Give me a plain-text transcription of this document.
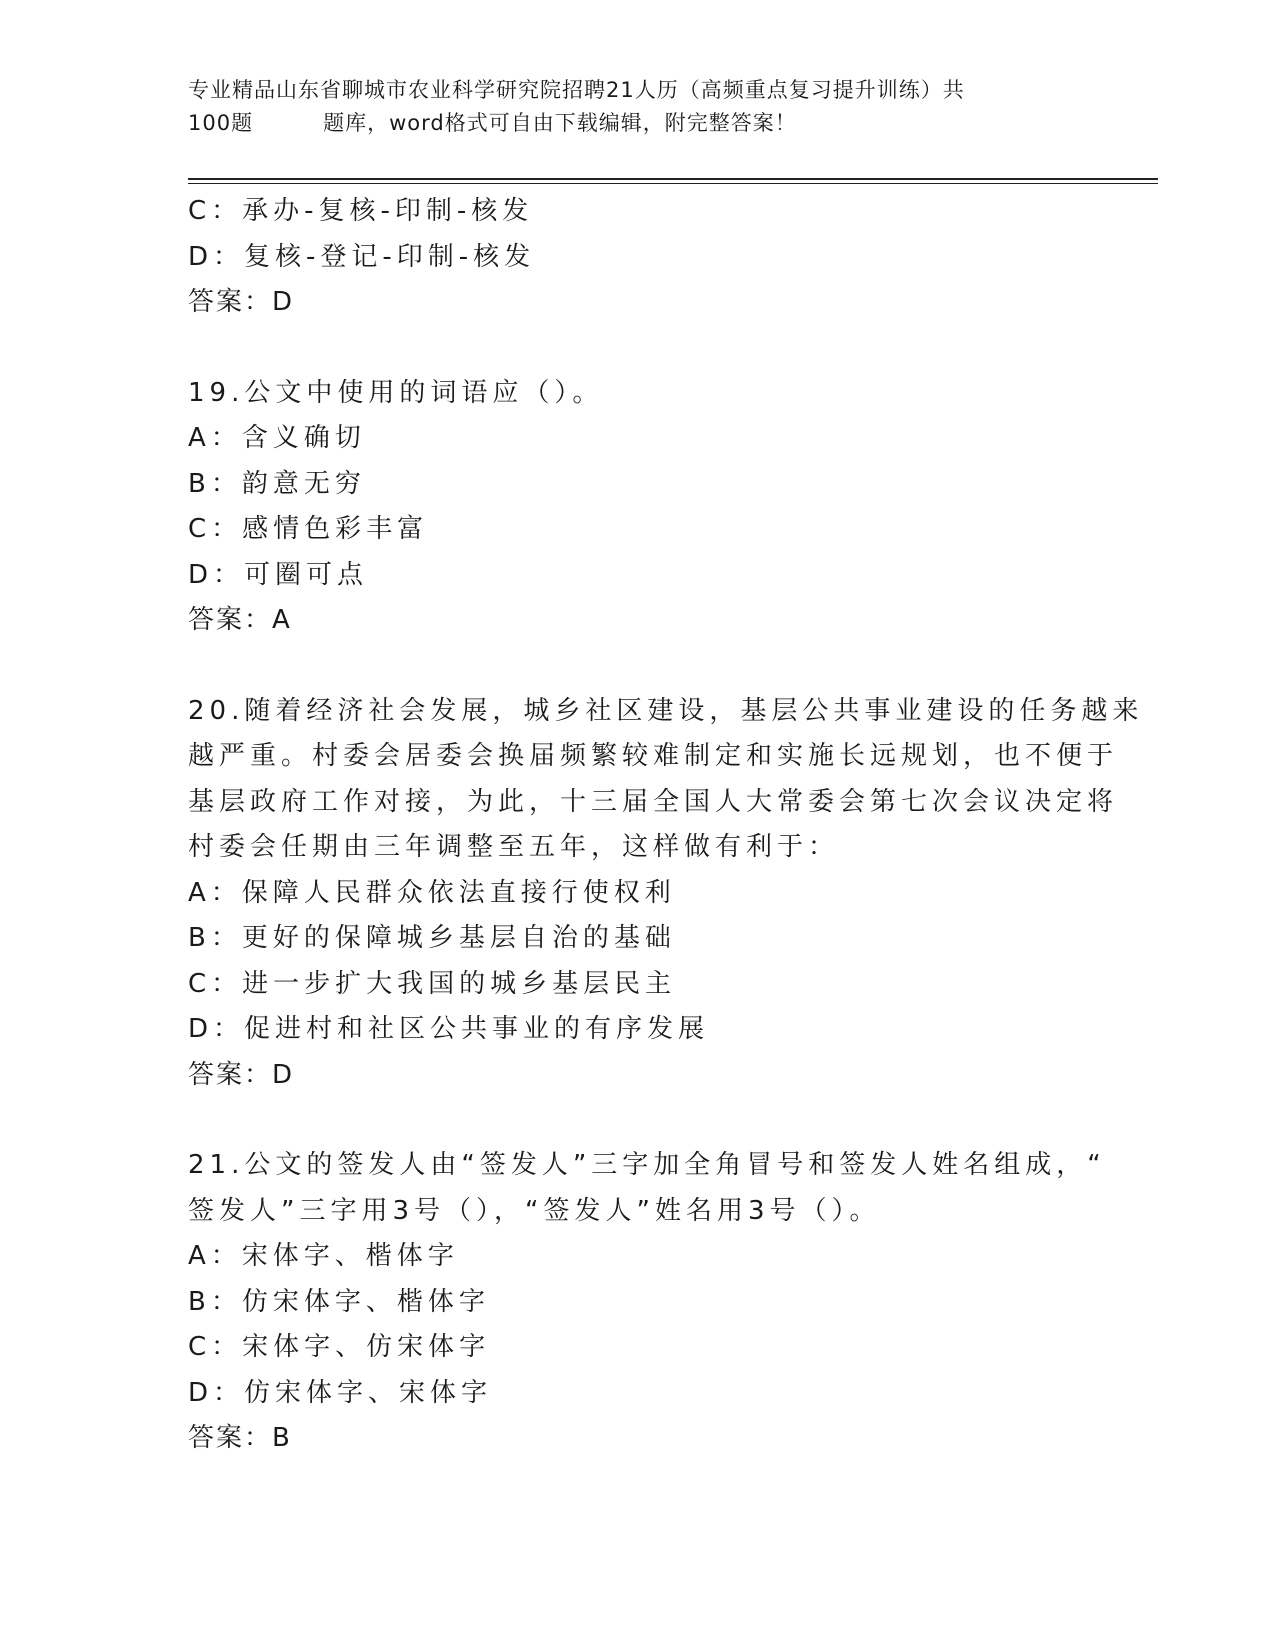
专业精品山东省聊城市农业科学研究院招聘21人历（高频重点复习提升训练）共
100题	题库，word格式可自由下载编辑，附完整答案！
C：承办-复核-印制-核发
D：复核-登记-印制-核发
答案：D
19.公文中使用的词语应（）。
A：含义确切
B：韵意无穷
C：感情色彩丰富
D：可圈可点
答案：A
20.随着经济社会发展，城乡社区建设，基层公共事业建设的任务越来
越严重。村委会居委会换届频繁较难制定和实施长远规划，也不便于
基层政府工作对接，为此，十三届全国人大常委会第七次会议决定将
村委会任期由三年调整至五年，这样做有利于：
A：保障人民群众依法直接行使权利
B：更好的保障城乡基层自治的基础
C：进一步扩大我国的城乡基层民主
D：促进村和社区公共事业的有序发展
答案：D
21.公文的签发人由“签发人”三字加全角冒号和签发人姓名组成，“
签发人”三字用3号（），“签发人”姓名用3号（）。
A：宋体字、楷体字
B：仿宋体字、楷体字
C：宋体字、仿宋体字
D：仿宋体字、宋体字
答案：B
